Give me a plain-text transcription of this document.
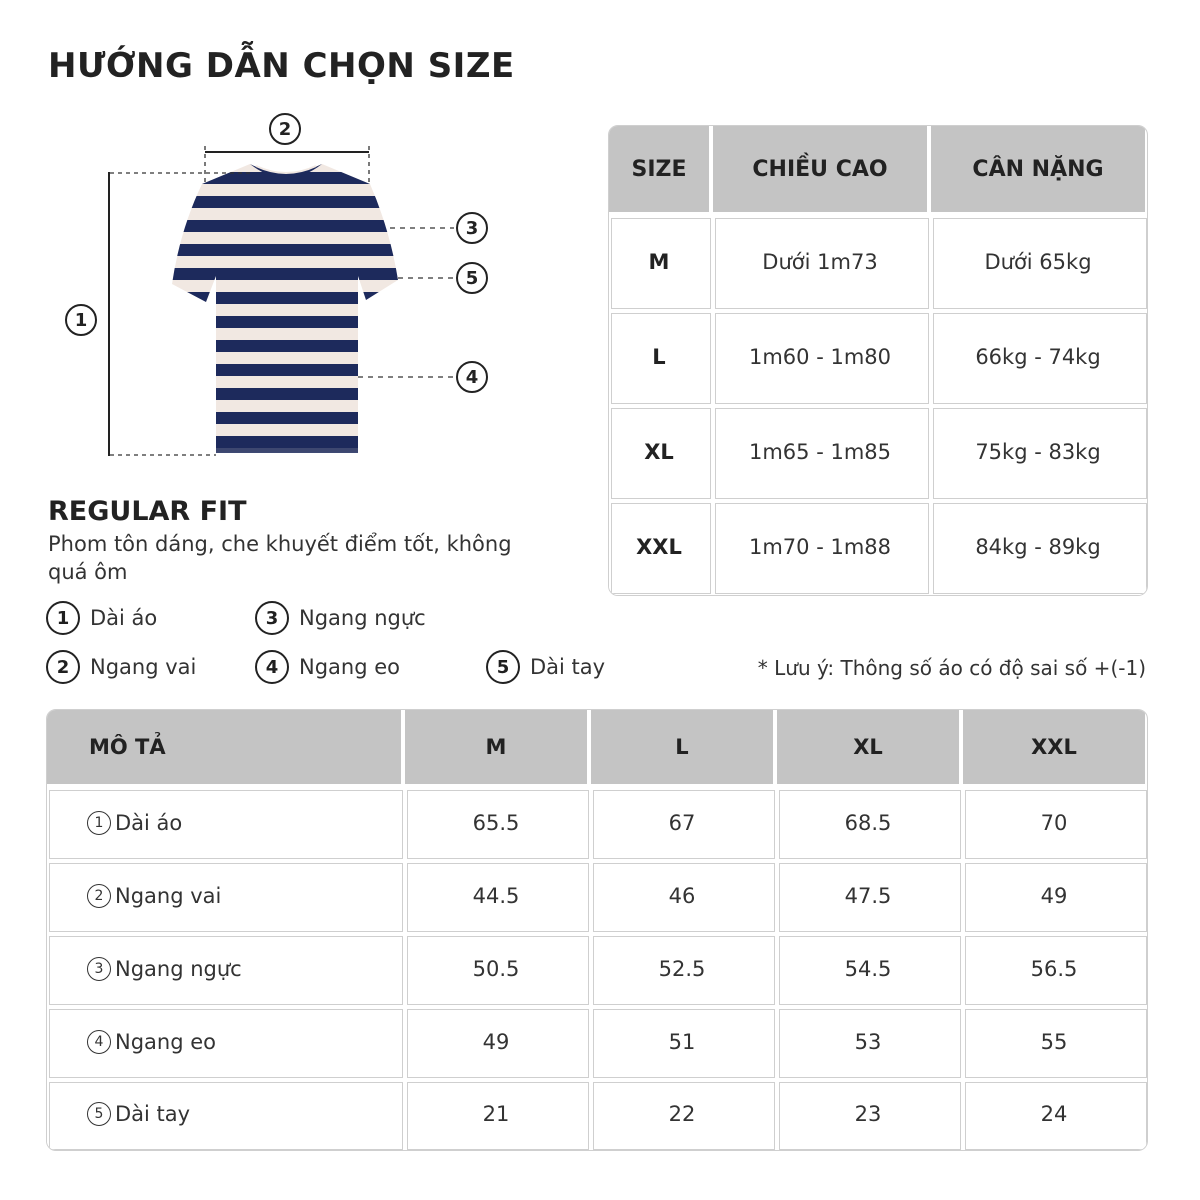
HƯỚNG DẪN CHỌN SIZE
2
1
3
5
4
REGULAR FIT
Phom tôn dáng, che khuyết điểm tốt, không quá ôm
1 Dài áo	3 Ngang ngực
2 Ngang vai	4 Ngang eo	5 Dài tay	* Lưu ý: Thông số áo có độ sai số +(-1)
SIZE	CHIỀU CAO	CÂN NẶNG
M	Dưới 1m73	Dưới 65kg
L	1m60 - 1m80	66kg - 74kg
XL	1m65 - 1m85	75kg - 83kg
XXL	1m70 - 1m88	84kg - 89kg
MÔ TẢ	M	L	XL	XXL
1 Dài áo	65.5	67	68.5	70
2 Ngang vai	44.5	46	47.5	49
3 Ngang ngực	50.5	52.5	54.5	56.5
4 Ngang eo	49	51	53	55
5 Dài tay	21	22	23	24
